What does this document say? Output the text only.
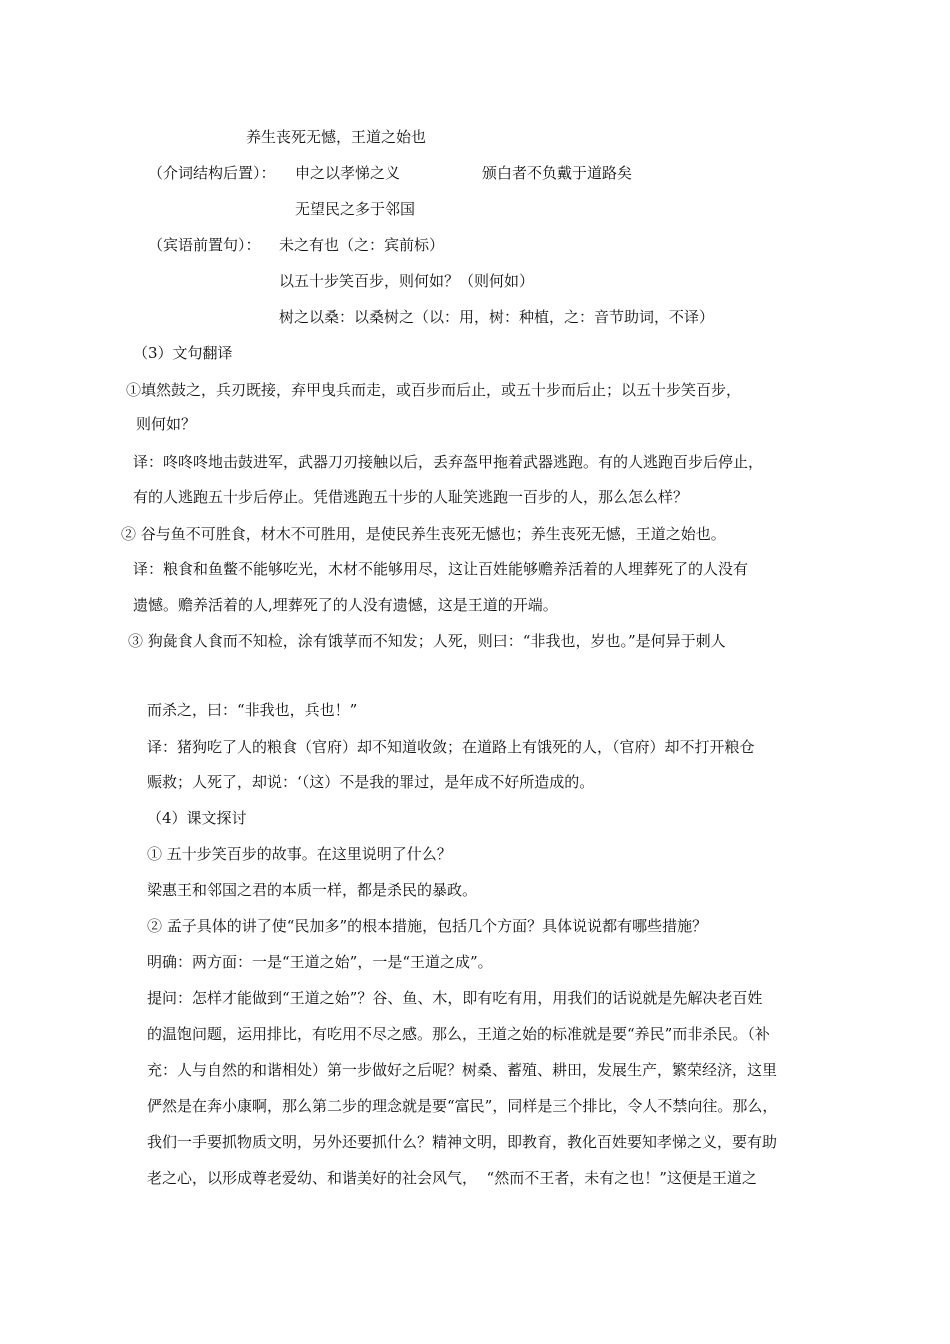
养生丧死无憾，王道之始也
（介词结构后置）： 申之以孝悌之义	颁白者不负戴于道路矣
无望民之多于邻国
（宾语前置句）： 未之有也（之：宾前标）
以五十步笑百步，则何如？（则何如）
树之以桑：以桑树之（以：用，树：种植，之：音节助词，不译）
（3）文句翻译
①填然鼓之，兵刃既接，弃甲曳兵而走，或百步而后止，或五十步而后止；以五十步笑百步，
则何如？
译：咚咚咚地击鼓进军，武器刀刃接触以后，丢弃盔甲拖着武器逃跑。有的人逃跑百步后停止，
有的人逃跑五十步后停止。凭借逃跑五十步的人耻笑逃跑一百步的人，那么怎么样？
② 谷与鱼不可胜食，材木不可胜用，是使民养生丧死无憾也；养生丧死无憾，王道之始也。
译：粮食和鱼鳖不能够吃光，木材不能够用尽，这让百姓能够赡养活着的人埋葬死了的人没有
遗憾。赡养活着的人,埋葬死了的人没有遗憾，这是王道的开端。
③ 狗彘食人食而不知检，涂有饿莩而不知发；人死，则曰：“非我也，岁也。”是何异于刺人
而杀之，曰：“非我也，兵也！”
译：猪狗吃了人的粮食（官府）却不知道收敛；在道路上有饿死的人，（官府）却不打开粮仓
赈救；人死了，却说：‘（这）不是我的罪过，是年成不好所造成的。
（4）课文探讨
① 五十步笑百步的故事。在这里说明了什么？
梁惠王和邻国之君的本质一样，都是杀民的暴政。
② 孟子具体的讲了使“民加多”的根本措施，包括几个方面？具体说说都有哪些措施？
明确：两方面：一是“王道之始”，一是“王道之成”。
提问：怎样才能做到“王道之始”？谷、鱼、木，即有吃有用，用我们的话说就是先解决老百姓
的温饱问题，运用排比，有吃用不尽之感。那么，王道之始的标准就是要“养民”而非杀民。（补
充：人与自然的和谐相处）第一步做好之后呢？树桑、蓄殖、耕田，发展生产，繁荣经济，这里
俨然是在奔小康啊，那么第二步的理念就是要“富民”，同样是三个排比，令人不禁向往。那么，
我们一手要抓物质文明，另外还要抓什么？精神文明，即教育，教化百姓要知孝悌之义，要有助
老之心，以形成尊老爱幼、和谐美好的社会风气，  “然而不王者，未有之也！”这便是王道之
